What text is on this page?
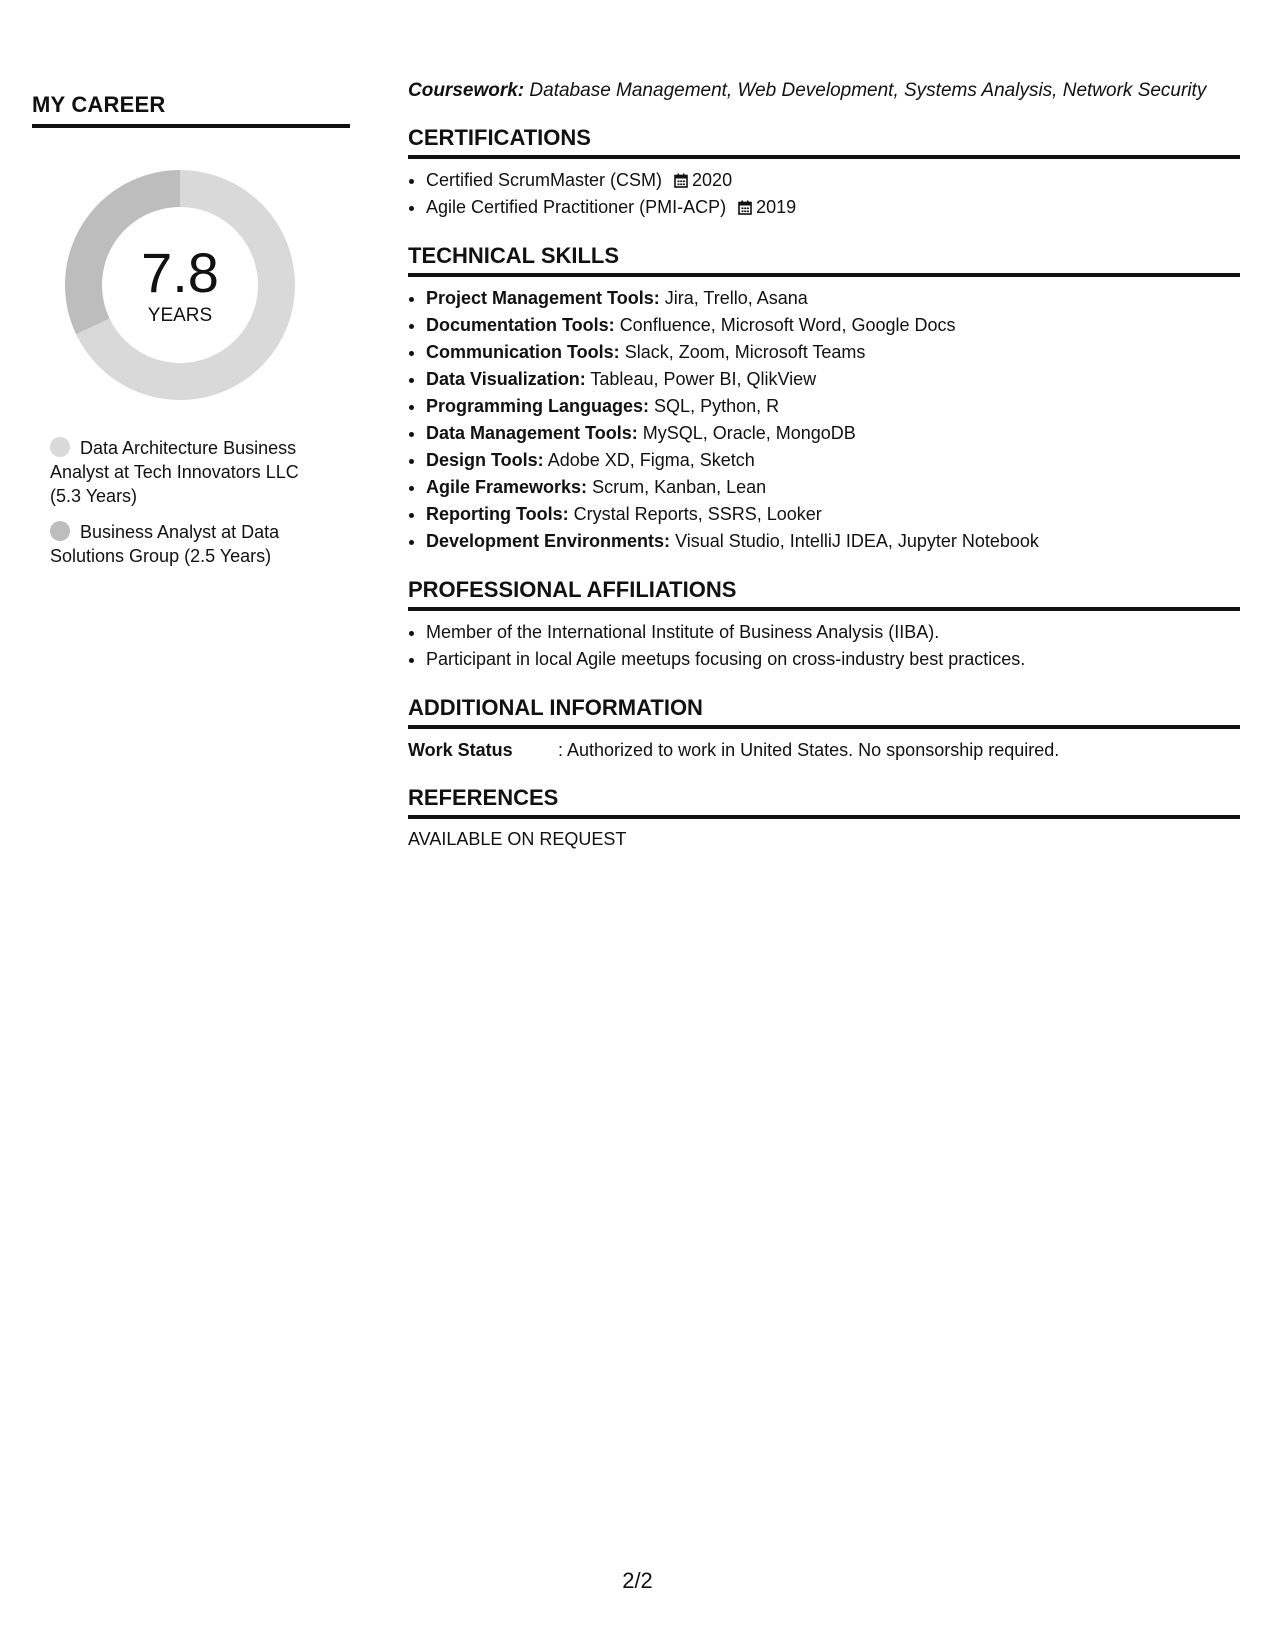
MY CAREER
7.8
YEARS
Data Architecture Business Analyst at Tech Innovators LLC (5.3 Years)
Business Analyst at Data Solutions Group (2.5 Years)

Coursework: Database Management, Web Development, Systems Analysis, Network Security

CERTIFICATIONS
• Certified ScrumMaster (CSM) 2020
• Agile Certified Practitioner (PMI-ACP) 2019
TECHNICAL SKILLS
• Project Management Tools: Jira, Trello, Asana
• Documentation Tools: Confluence, Microsoft Word, Google Docs
• Communication Tools: Slack, Zoom, Microsoft Teams
• Data Visualization: Tableau, Power BI, QlikView
• Programming Languages: SQL, Python, R
• Data Management Tools: MySQL, Oracle, MongoDB
• Design Tools: Adobe XD, Figma, Sketch
• Agile Frameworks: Scrum, Kanban, Lean
• Reporting Tools: Crystal Reports, SSRS, Looker
• Development Environments: Visual Studio, IntelliJ IDEA, Jupyter Notebook
PROFESSIONAL AFFILIATIONS
• Member of the International Institute of Business Analysis (IIBA).
• Participant in local Agile meetups focusing on cross-industry best practices.
ADDITIONAL INFORMATION
Work Status	: Authorized to work in United States. No sponsorship required.
REFERENCES
AVAILABLE ON REQUEST
2/2
